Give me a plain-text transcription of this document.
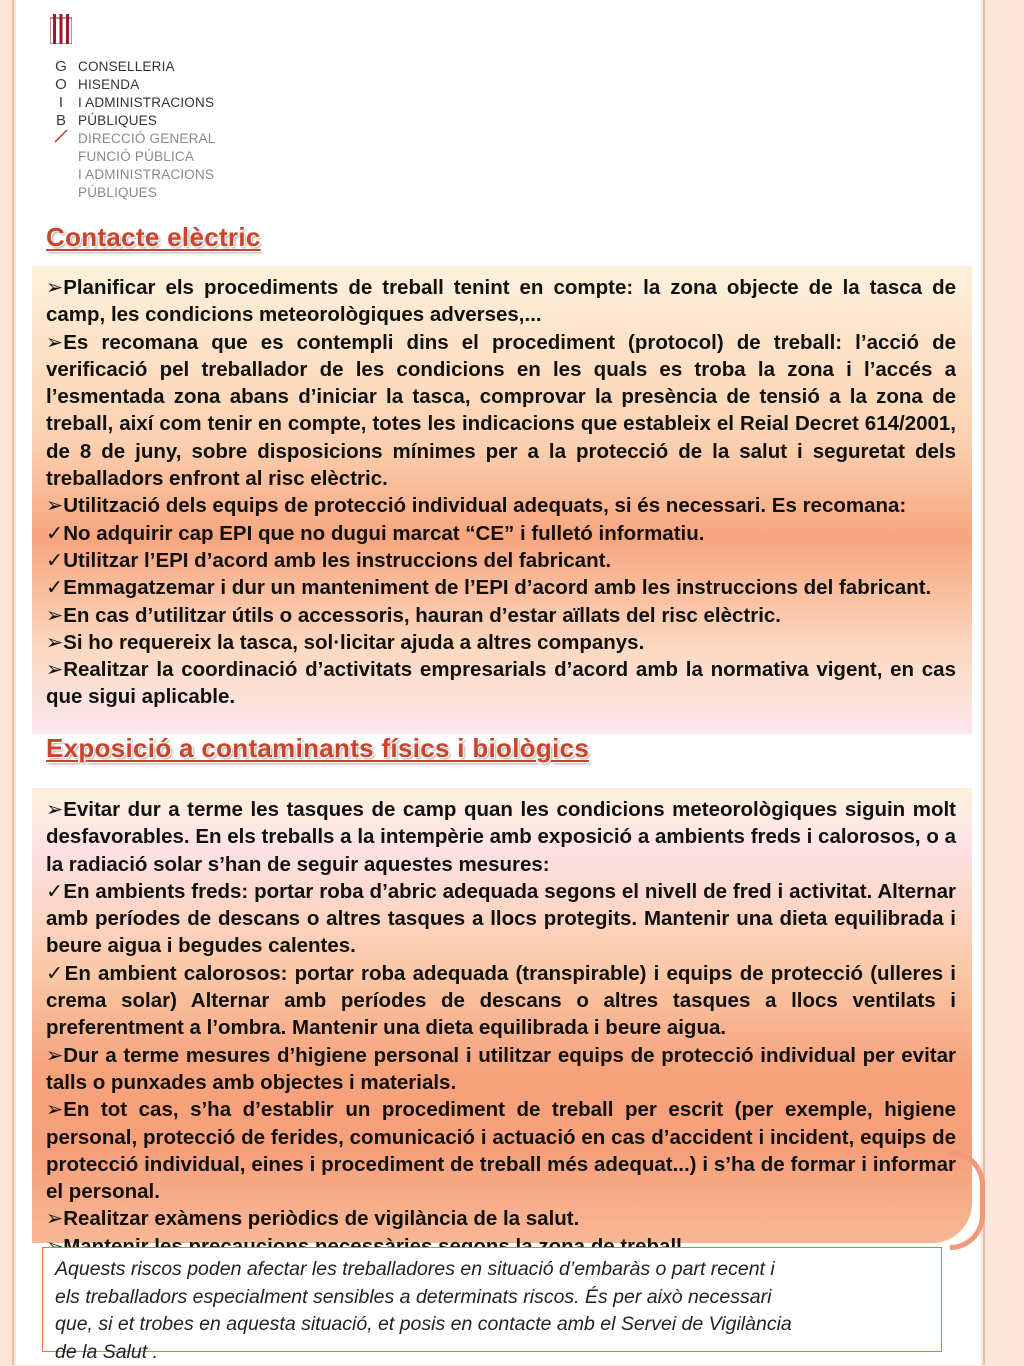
G
O
I
B
CONSELLERIA
HISENDA
I ADMINISTRACIONS
PÚBLIQUES
DIRECCIÓ GENERAL
FUNCIÓ PÚBLICA
I ADMINISTRACIONS
PÚBLIQUES
Contacte elèctric

➢Planificar els procediments de treball tenint en compte: la zona objecte de la tasca de camp, les condicions meteorològiques adverses,...

➢Es recomana que es contempli dins el procediment (protocol) de treball: l’acció de verificació pel treballador de les condicions en les quals es troba la zona i l’accés a l’esmentada zona abans d’iniciar la tasca, comprovar la presència de tensió a la zona de treball, així com tenir en compte, totes les indicacions que estableix el Reial Decret 614/2001, de 8 de juny, sobre disposicions mínimes per a la protecció de la salut i seguretat dels treballadors enfront al risc elèctric.

➢Utilització dels equips de protecció individual adequats, si és necessari. Es recomana:

✓No adquirir cap EPI que no dugui marcat “CE” i fulletó informatiu.

✓Utilitzar l’EPI d’acord amb les instruccions del fabricant.

✓Emmagatzemar i dur un manteniment de l’EPI d’acord amb les instruccions del fabricant.

➢En cas d’utilitzar útils o accessoris, hauran d’estar aïllats del risc elèctric.

➢Si ho requereix la tasca, sol·licitar ajuda a altres companys.

➢Realitzar la coordinació d’activitats empresarials d’acord amb la normativa vigent, en cas que sigui aplicable.

Exposició a contaminants físics i biològics

➢Evitar dur a terme les tasques de camp quan les condicions meteorològiques siguin molt desfavorables. En els treballs a la intempèrie amb exposició a ambients freds i calorosos, o a la radiació solar s’han de seguir aquestes mesures:

✓En ambients freds: portar roba d’abric adequada segons el nivell de fred i activitat. Alternar amb períodes de descans o altres tasques a llocs protegits. Mantenir una dieta equilibrada i beure aigua i begudes calentes.

✓En ambient calorosos: portar roba adequada (transpirable) i equips de protecció (ulleres i crema solar) Alternar amb períodes de descans o altres tasques a llocs ventilats i preferentment a l’ombra. Mantenir una dieta equilibrada i beure aigua.

➢Dur a terme mesures d’higiene personal i utilitzar equips de protecció individual per evitar talls o punxades amb objectes i materials.

➢En tot cas, s’ha d’establir un procediment de treball per escrit (per exemple, higiene personal, protecció de ferides, comunicació i actuació en cas d’accident i incident, equips de protecció individual, eines i procediment de treball més adequat...) i s’ha de formar i informar el personal.

➢Realitzar exàmens periòdics de vigilància de la salut.

Aquests riscos poden afectar les treballadores en situació d’embaràs o part recent i
els treballadors especialment sensibles a determinats riscos. És per això necessari
que, si et trobes en aquesta situació, et posis en contacte amb el Servei de Vigilància
de la Salut .
